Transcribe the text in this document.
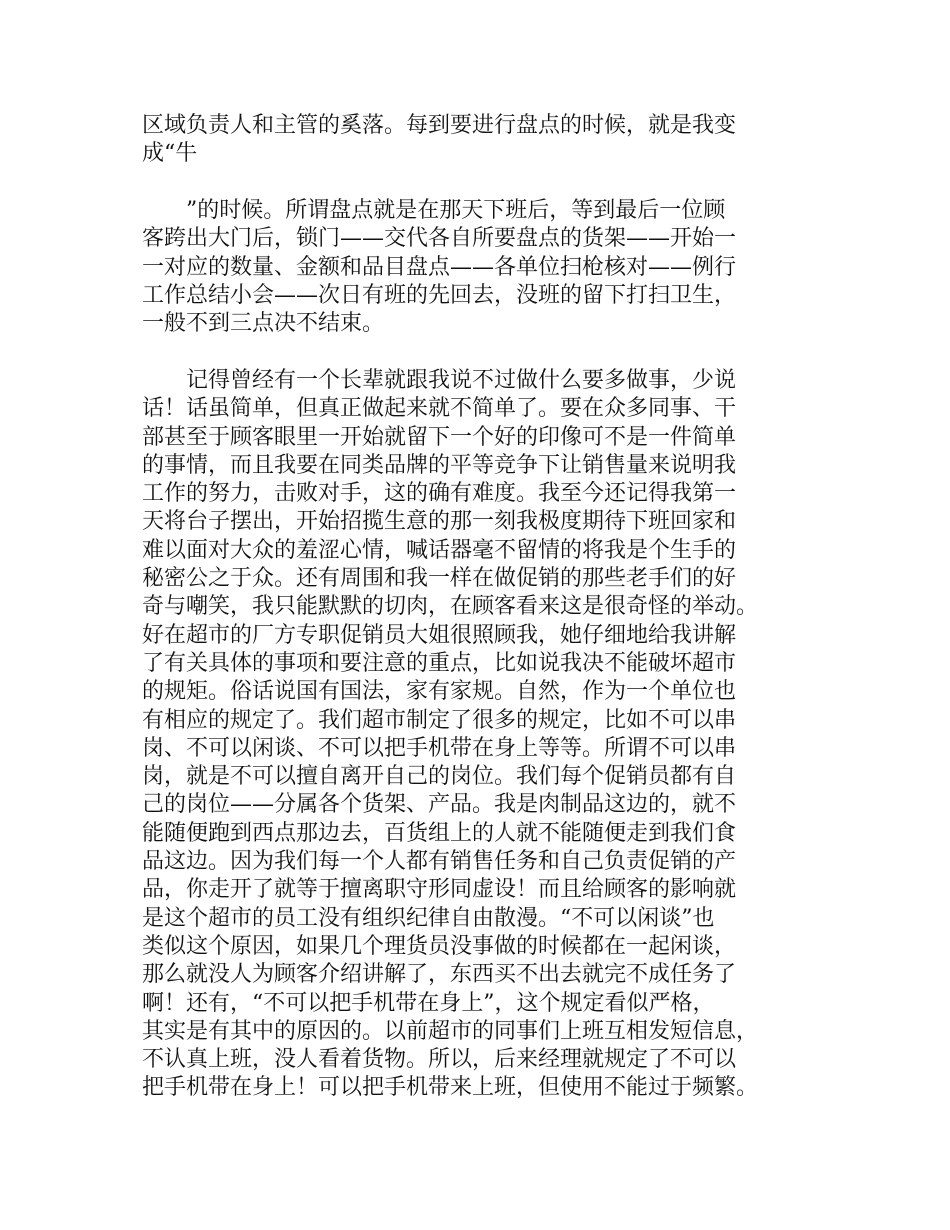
区域负责人和主管的奚落。每到要进行盘点的时候，就是我变
成“牛

　　”的时候。所谓盘点就是在那天下班后，等到最后一位顾
客跨出大门后，锁门——交代各自所要盘点的货架——开始一
一对应的数量、金额和品目盘点——各单位扫枪核对——例行
工作总结小会——次日有班的先回去，没班的留下打扫卫生，
一般不到三点决不结束。

　　记得曾经有一个长辈就跟我说不过做什么要多做事，少说
话！话虽简单，但真正做起来就不简单了。要在众多同事、干
部甚至于顾客眼里一开始就留下一个好的印像可不是一件简单
的事情，而且我要在同类品牌的平等竞争下让销售量来说明我
工作的努力，击败对手，这的确有难度。我至今还记得我第一
天将台子摆出，开始招揽生意的那一刻我极度期待下班回家和
难以面对大众的羞涩心情，喊话器毫不留情的将我是个生手的
秘密公之于众。还有周围和我一样在做促销的那些老手们的好
奇与嘲笑，我只能默默的切肉，在顾客看来这是很奇怪的举动。
好在超市的厂方专职促销员大姐很照顾我，她仔细地给我讲解
了有关具体的事项和要注意的重点，比如说我决不能破坏超市
的规矩。俗话说国有国法，家有家规。自然，作为一个单位也
有相应的规定了。我们超市制定了很多的规定，比如不可以串
岗、不可以闲谈、不可以把手机带在身上等等。所谓不可以串
岗，就是不可以擅自离开自己的岗位。我们每个促销员都有自
己的岗位——分属各个货架、产品。我是肉制品这边的，就不
能随便跑到西点那边去，百货组上的人就不能随便走到我们食
品这边。因为我们每一个人都有销售任务和自己负责促销的产
品，你走开了就等于擅离职守形同虚设！而且给顾客的影响就
是这个超市的员工没有组织纪律自由散漫。“不可以闲谈”也
类似这个原因，如果几个理货员没事做的时候都在一起闲谈，
那么就没人为顾客介绍讲解了，东西买不出去就完不成任务了
啊！还有，“不可以把手机带在身上”，这个规定看似严格，
其实是有其中的原因的。以前超市的同事们上班互相发短信息，
不认真上班，没人看着货物。所以，后来经理就规定了不可以
把手机带在身上！可以把手机带来上班，但使用不能过于频繁。
